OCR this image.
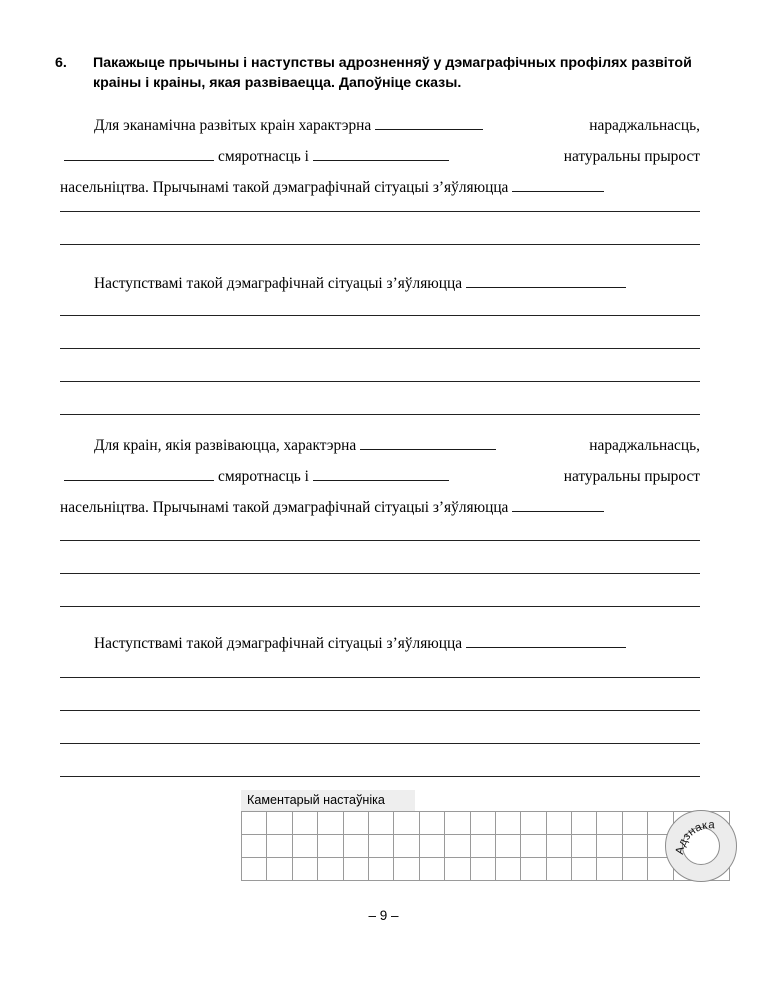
6.	Пакажыце прычыны і наступствы адрозненняў у дэмаграфічных профілях развітой краіны і краіны, якая развіваецца. Дапоўніце сказы.
Для эканамічна развітых краін характэрна	нараджальнасць,
смяротнасць і	натуральны прырост
насельніцтва. Прычынамі такой дэмаграфічнай сітуацыі з’яўляюцца
Наступствамі такой дэмаграфічнай сітуацыі з’яўляюцца
Для краін, якія развіваюцца, характэрна	нараджальнасць,
смяротнасць і	натуральны прырост
насельніцтва. Прычынамі такой дэмаграфічнай сітуацыі з’яўляюцца
Наступствамі такой дэмаграфічнай сітуацыі з’яўляюцца
Каментарый настаўніка

Адзнака

– 9 –
